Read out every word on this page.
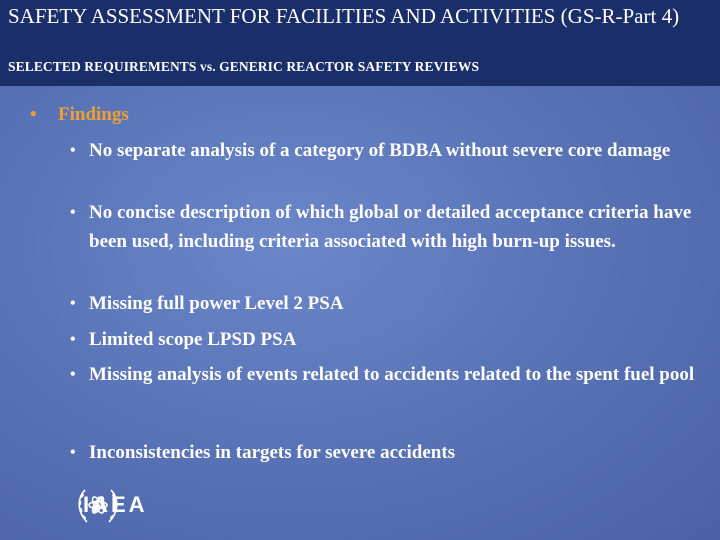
SAFETY ASSESSMENT FOR FACILITIES AND ACTIVITIES (GS-R-Part 4)
SELECTED REQUIREMENTS vs. GENERIC REACTOR SAFETY REVIEWS
• Findings
• No separate analysis of a category of BDBA without severe core damage
• No concise description of which global or detailed acceptance criteria have been used, including criteria associated with high burn-up issues.
• Missing full power Level 2 PSA
• Limited scope LPSD PSA
• Missing analysis of events related to accidents related to the spent fuel pool
• Inconsistencies in targets for severe accidents
IAEA
